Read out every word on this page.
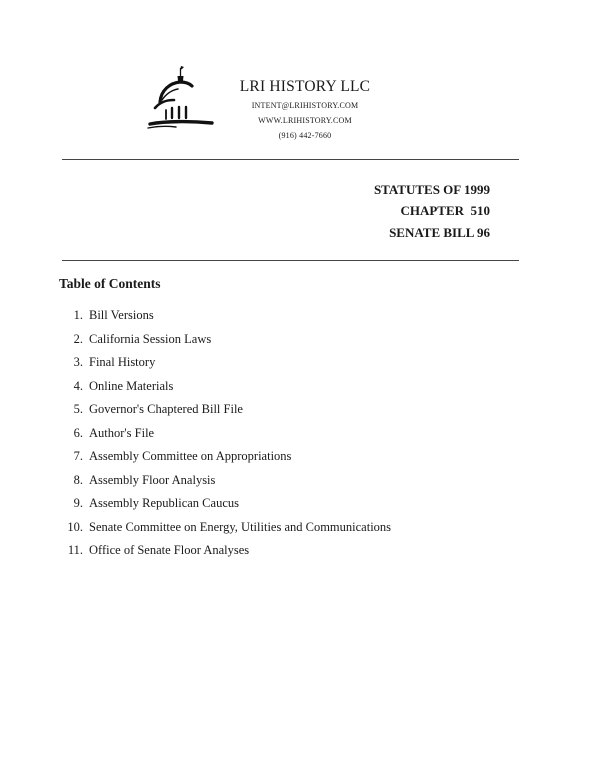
LRI HISTORY LLC
INTENT@LRIHISTORY.COM
WWW.LRIHISTORY.COM
(916) 442-7660
STATUTES OF 1999
CHAPTER  510
SENATE BILL 96
Table of Contents
1. Bill Versions
2. California Session Laws
3. Final History
4. Online Materials
5. Governor's Chaptered Bill File
6. Author's File
7. Assembly Committee on Appropriations
8. Assembly Floor Analysis
9. Assembly Republican Caucus
10. Senate Committee on Energy, Utilities and Communications
11. Office of Senate Floor Analyses
